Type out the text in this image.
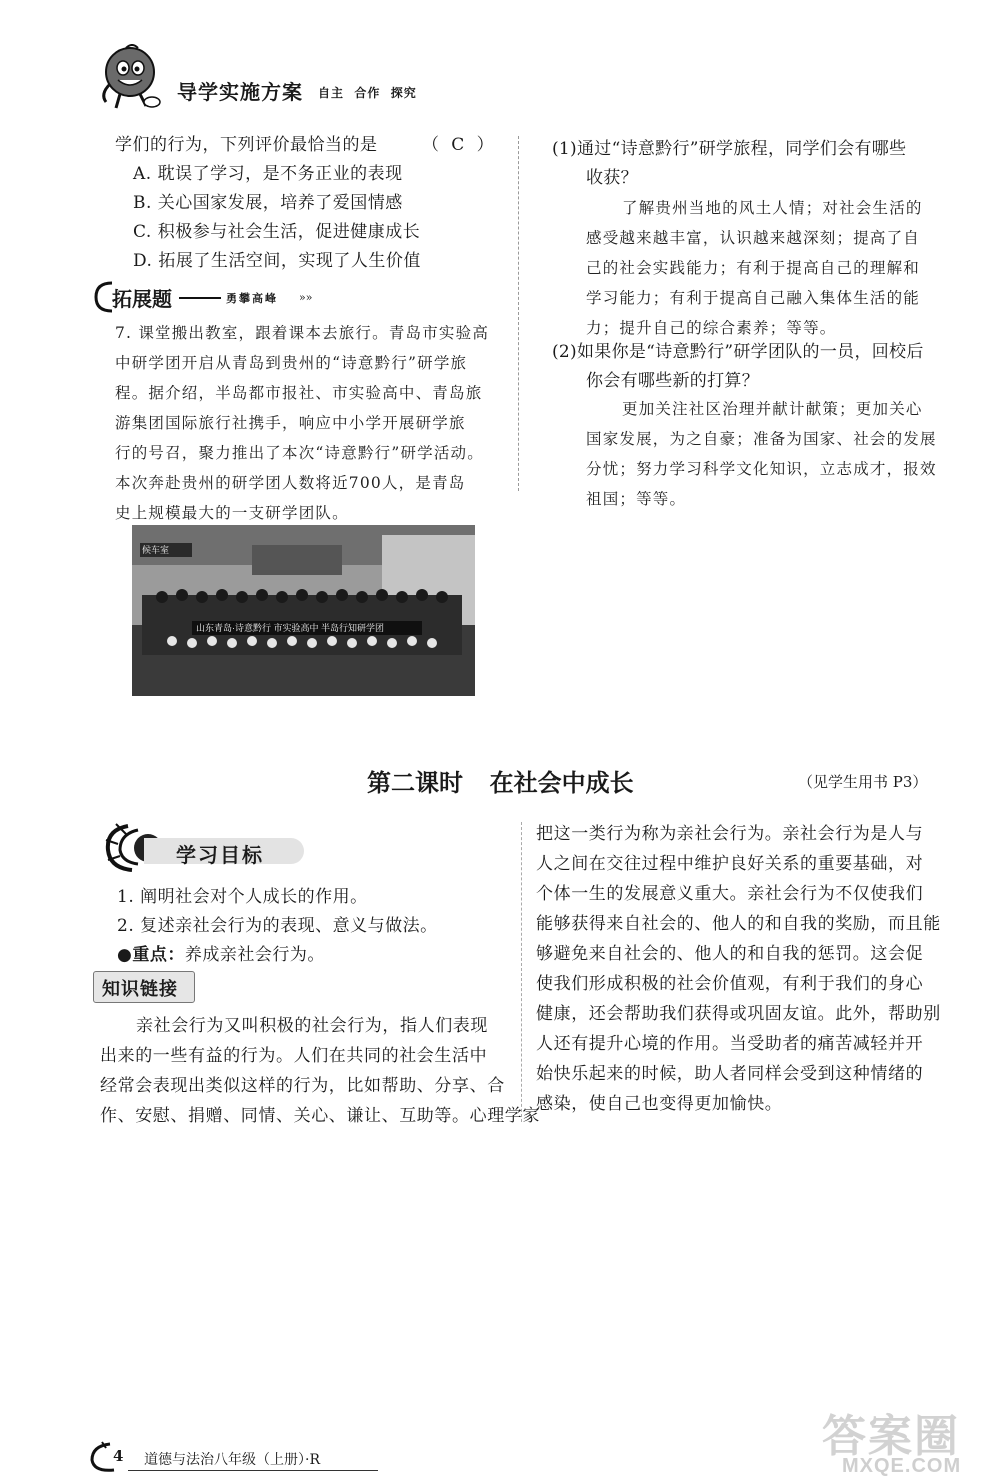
导学实施方案 自主  合作  探究
学们的行为，下列评价最恰当的是	（  C  ）
A. 耽误了学习，是不务正业的表现
B. 关心国家发展，培养了爱国情感
C. 积极参与社会生活，促进健康成长
D. 拓展了生活空间，实现了人生价值
拓展题	勇攀高峰 »»
7. 课堂搬出教室，跟着课本去旅行。青岛市实验高
中研学团开启从青岛到贵州的“诗意黔行”研学旅
程。据介绍，半岛都市报社、市实验高中、青岛旅
游集团国际旅行社携手，响应中小学开展研学旅
行的号召，聚力推出了本次“诗意黔行”研学活动。
本次奔赴贵州的研学团人数将近700人，是青岛
史上规模最大的一支研学团队。
候车室
山东青岛·诗意黔行 市实验高中 半岛行知研学团
(1)通过“诗意黔行”研学旅程，同学们会有哪些
收获？
了解贵州当地的风土人情；对社会生活的
感受越来越丰富，认识越来越深刻；提高了自
己的社会实践能力；有利于提高自己的理解和
学习能力；有利于提高自己融入集体生活的能
力；提升自己的综合素养；等等。
(2)如果你是“诗意黔行”研学团队的一员，回校后
你会有哪些新的打算？
更加关注社区治理并献计献策；更加关心
国家发展，为之自豪；准备为国家、社会的发展
分忧；努力学习科学文化知识，立志成才，报效
祖国；等等。
第二课时    在社会中成长	（见学生用书 P3）
学习目标
1. 阐明社会对个人成长的作用。
2. 复述亲社会行为的表现、意义与做法。
●重点：养成亲社会行为。
知识链接
亲社会行为又叫积极的社会行为，指人们表现
出来的一些有益的行为。人们在共同的社会生活中
经常会表现出类似这样的行为，比如帮助、分享、合
作、安慰、捐赠、同情、关心、谦让、互助等。心理学家
把这一类行为称为亲社会行为。亲社会行为是人与
人之间在交往过程中维护良好关系的重要基础，对
个体一生的发展意义重大。亲社会行为不仅使我们
能够获得来自社会的、他人的和自我的奖励，而且能
够避免来自社会的、他人的和自我的惩罚。这会促
使我们形成积极的社会价值观，有利于我们的身心
健康，还会帮助我们获得或巩固友谊。此外，帮助别
人还有提升心境的作用。当受助者的痛苦减轻并开
始快乐起来的时候，助人者同样会受到这种情绪的
感染，使自己也变得更加愉快。
4 道德与法治八年级（上册）·R	答案圈
MXQE.COM
